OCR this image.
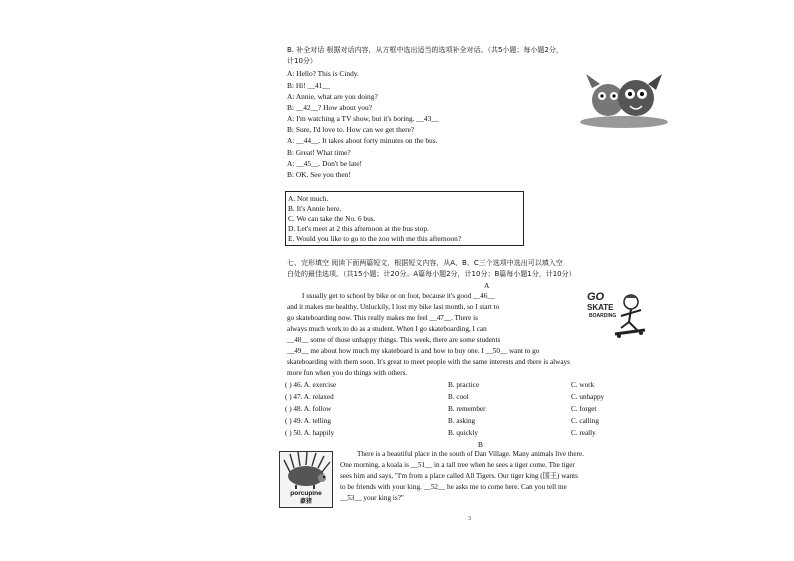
B. 补全对话 根据对话内容，从方框中选出适当的选项补全对话。（共5小题；每小题2分，
计10分）
A: Hello? This is Cindy.
B: Hi! __41__
A: Annie, what are you doing?
B: __42__? How about you?
A: I'm watching a TV show, but it's boring. __43__
B: Sure, I'd love to. How can we get there?
A: __44__. It takes about forty minutes on the bus.
B: Great! What time?
A: __45__. Don't be late!
B: OK. See you then!
A. Not much.
B. It's Annie here.
C. We can take the No. 6 bus.
D. Let's meet at 2 this afternoon at the bus stop.
E. Would you like to go to the zoo with me this afternoon?
七、完形填空 阅读下面两篇短文，根据短文内容，从A、B、C三个选项中选出可以填入空
白处的最佳选项。（共15小题；计20分。A篇每小题2分，计10分；B篇每小题1分，计10分）
A
I usually get to school by bike or on foot, because it's good __46__
and it makes me healthy. Unluckily, I lost my bike last month, so I start to
go skateboarding now. This really makes me feel __47__. There is
always much work to do as a student. When I go skateboarding, I can
__48__ some of those unhappy things. This week, there are some students
__49__ me about how much my skateboard is and how to buy one. I __50__ want to go
skateboarding with them soon. It's great to meet people with the same interests and there is always
more fun when you do things with others.
GO
SKATE
BOARDING
( ) 46. A. exercise	B. practice	C. work
( ) 47. A. relaxed	B. cool	C. unhappy
( ) 48. A. follow	B. remember	C. forget
( ) 49. A. telling	B. asking	C. calling
( ) 50. A. happily	B. quickly	C. really
B
There is a beautiful place in the south of Dan Village. Many animals live there.
One morning, a koala is __51__ in a tall tree when he sees a tiger come. The tiger
sees him and says, "I'm from a place called All Tigers. Our tiger king (国王) wants
to be friends with your king. __52__ he asks me to come here. Can you tell me
__53__ your king is?"
porcupine
豪猪
3
